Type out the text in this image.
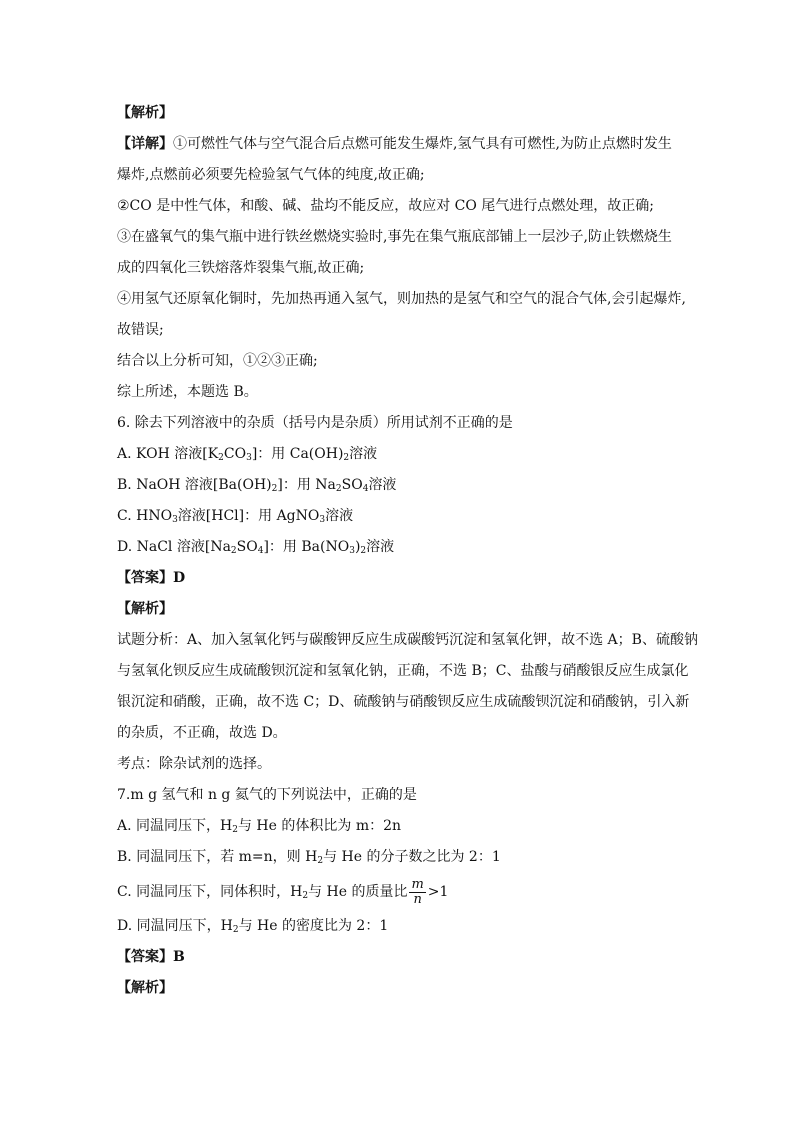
【解析】
【详解】①可燃性气体与空气混合后点燃可能发生爆炸,氢气具有可燃性,为防止点燃时发生
爆炸,点燃前必须要先检验氢气气体的纯度,故正确;
②CO 是中性气体，和酸、碱、盐均不能反应，故应对 CO 尾气进行点燃处理，故正确;
③在盛氧气的集气瓶中进行铁丝燃烧实验时,事先在集气瓶底部铺上一层沙子,防止铁燃烧生
成的四氧化三铁熔落炸裂集气瓶,故正确;
④用氢气还原氧化铜时，先加热再通入氢气，则加热的是氢气和空气的混合气体,会引起爆炸,
故错误;
结合以上分析可知，①②③正确;
综上所述，本题选 B。
6. 除去下列溶液中的杂质（括号内是杂质）所用试剂不正确的是
A. KOH 溶液$[K_2CO_3]$：用 $Ca(OH)_2$溶液
B. NaOH 溶液$[Ba(OH)_2]$：用 $Na_2SO_4$溶液
C. $HNO_3$溶液[HCl]：用 AgNO$_3$溶液
D. NaCl 溶液$[Na_2SO_4]$：用 $Ba(NO_3)_2$溶液
【答案】D
【解析】
试题分析：A、加入氢氧化钙与碳酸钾反应生成碳酸钙沉淀和氢氧化钾，故不选 A；B、硫酸钠
与氢氧化钡反应生成硫酸钡沉淀和氢氧化钠，正确，不选 B；C、盐酸与硝酸银反应生成氯化
银沉淀和硝酸，正确，故不选 C；D、硫酸钠与硝酸钡反应生成硫酸钡沉淀和硝酸钠，引入新
的杂质，不正确，故选 D。
考点：除杂试剂的选择。
7.m g 氢气和 n g 氦气的下列说法中，正确的是
A. 同温同压下，$H_2$与 He 的体积比为 m：2n
B. 同温同压下，若 m=n，则 $H_2$与 He 的分子数之比为 2：1
C. 同温同压下，同体积时，$H_2$与 He 的质量比 $\frac{m}{n} >1$
D. 同温同压下，$H_2$与 He 的密度比为 2：1
【答案】B
【解析】
